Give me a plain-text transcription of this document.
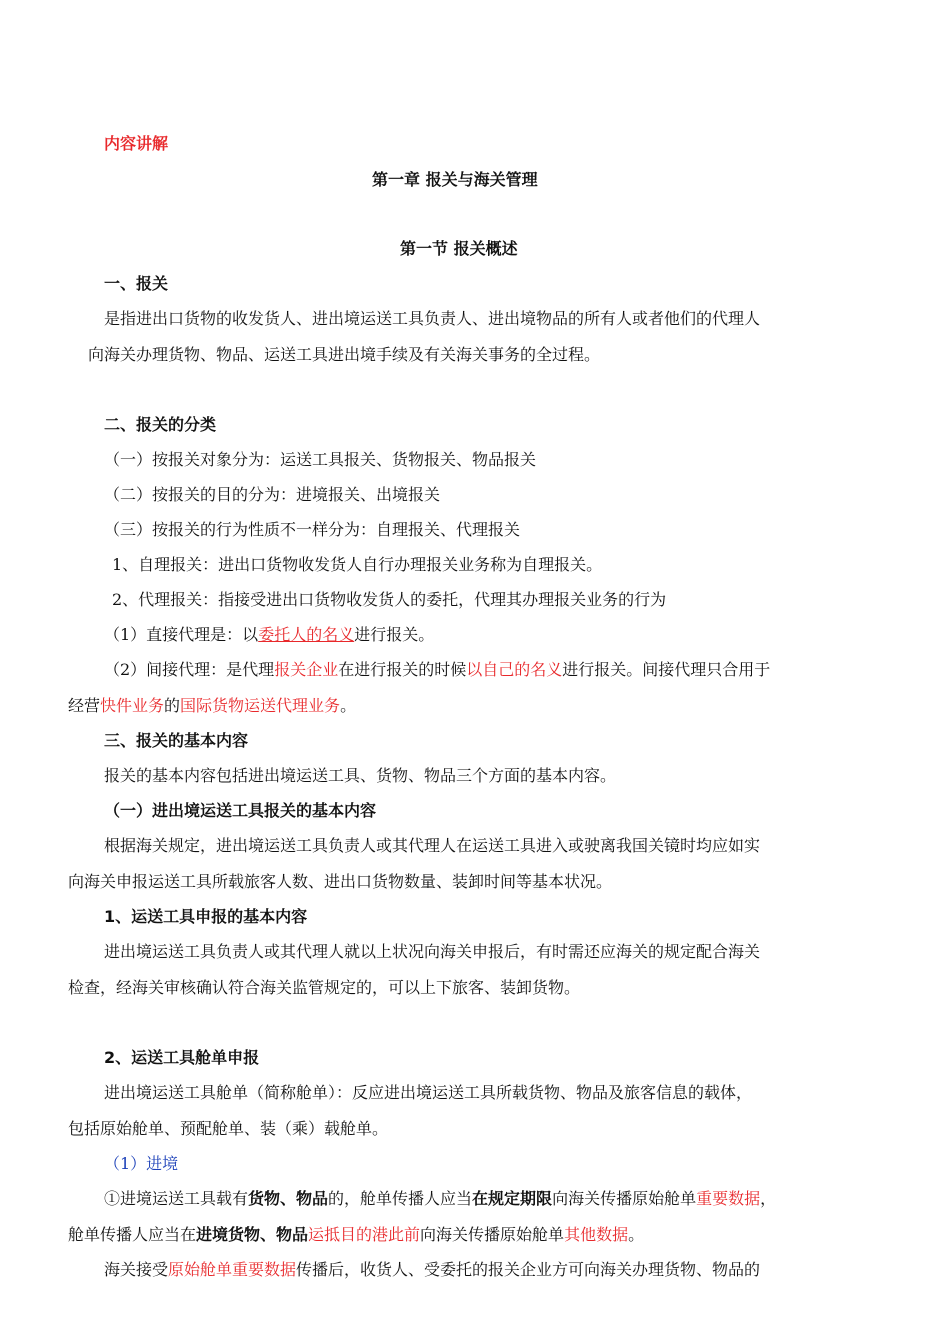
内容讲解
第一章 报关与海关管理
第一节 报关概述
一、报关
是指进出口货物的收发货人、进出境运送工具负责人、进出境物品的所有人或者他们的代理人
向海关办理货物、物品、运送工具进出境手续及有关海关事务的全过程。
二、报关的分类
（一）按报关对象分为：运送工具报关、货物报关、物品报关
（二）按报关的目的分为：进境报关、出境报关
（三）按报关的行为性质不一样分为：自理报关、代理报关
1、自理报关：进出口货物收发货人自行办理报关业务称为自理报关。
2、代理报关：指接受进出口货物收发货人的委托，代理其办理报关业务的行为
（1）直接代理是：以委托人的名义进行报关。
（2）间接代理：是代理报关企业在进行报关的时候以自己的名义进行报关。间接代理只合用于
经营快件业务的国际货物运送代理业务。
三、报关的基本内容
报关的基本内容包括进出境运送工具、货物、物品三个方面的基本内容。
（一）进出境运送工具报关的基本内容
根据海关规定，进出境运送工具负责人或其代理人在运送工具进入或驶离我国关镜时均应如实
向海关申报运送工具所载旅客人数、进出口货物数量、装卸时间等基本状况。
1、运送工具申报的基本内容
进出境运送工具负责人或其代理人就以上状况向海关申报后，有时需还应海关的规定配合海关
检查，经海关审核确认符合海关监管规定的，可以上下旅客、装卸货物。
2、运送工具舱单申报
进出境运送工具舱单（简称舱单）：反应进出境运送工具所载货物、物品及旅客信息的载体，
包括原始舱单、预配舱单、装（乘）载舱单。
（1）进境
①进境运送工具载有货物、物品的，舱单传播人应当在规定期限向海关传播原始舱单重要数据，
舱单传播人应当在进境货物、物品运抵目的港此前向海关传播原始舱单其他数据。
海关接受原始舱单重要数据传播后，收货人、受委托的报关企业方可向海关办理货物、物品的
